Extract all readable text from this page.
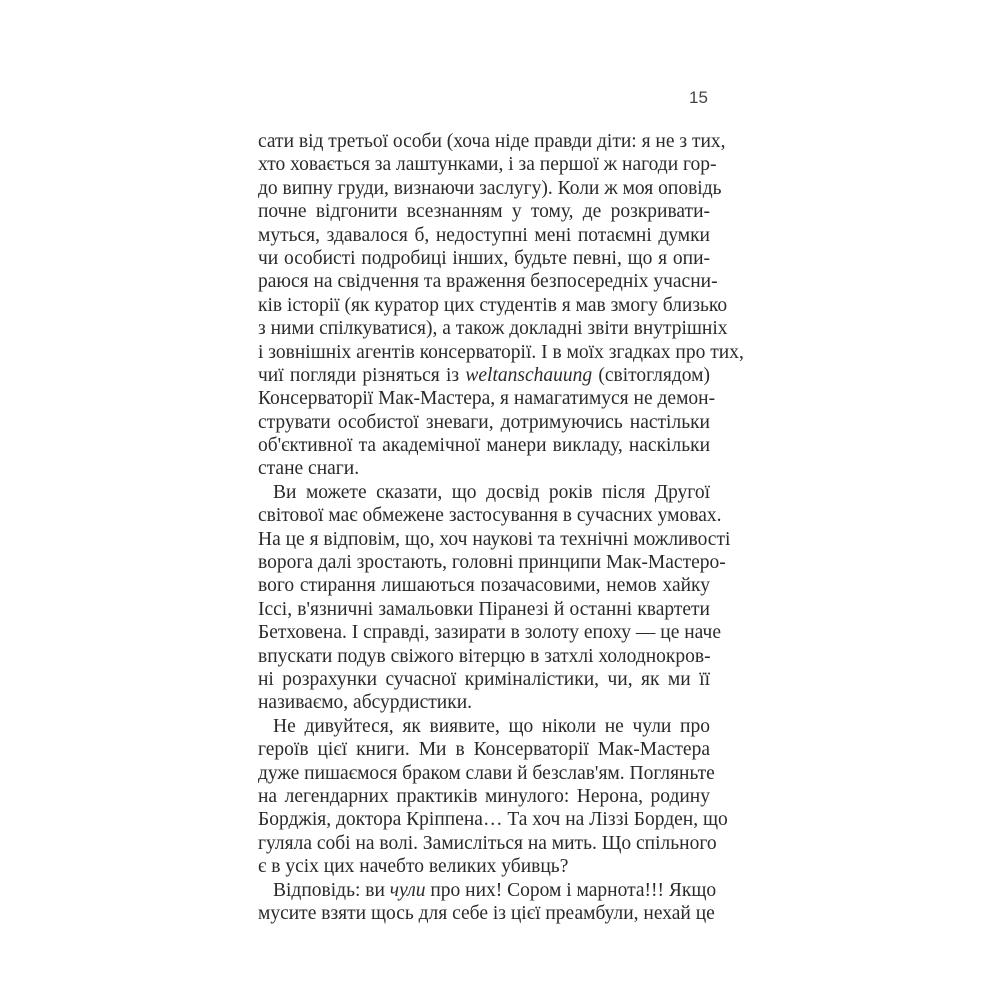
15
сати від третьої особи (хоча ніде правди діти: я не з тих,
хто ховається за лаштунками, і за першої ж нагоди гор-
до випну груди, визнаючи заслугу). Коли ж моя оповідь
почне відгонити всезнанням у тому, де розкривати-
муться, здавалося б, недоступні мені потаємні думки
чи особисті подробиці інших, будьте певні, що я опи-
раюся на свідчення та враження безпосередніх учасни-
ків історії (як куратор цих студентів я мав змогу близько
з ними спілкуватися), а також докладні звіти внутрішніх
і зовнішніх агентів консерваторії. І в моїх згадках про тих,
чиї погляди різняться із weltanschauung (світоглядом)
Консерваторії Мак-Мастера, я намагатимуся не демон-
струвати особистої зневаги, дотримуючись настільки
об'єктивної та академічної манери викладу, наскільки
стане снаги.
Ви можете сказати, що досвід років після Другої
світової має обмежене застосування в сучасних умовах.
На це я відповім, що, хоч наукові та технічні можливості
ворога далі зростають, головні принципи Мак-Мастеро-
вого стирання лишаються позачасовими, немов хайку
Іссі, в'язничні замальовки Піранезі й останні квартети
Бетховена. І справді, зазирати в золоту епоху — це наче
впускати подув свіжого вітерцю в затхлі холоднокров-
ні розрахунки сучасної криміналістики, чи, як ми її
називаємо, абсурдистики.
Не дивуйтеся, як виявите, що ніколи не чули про
героїв цієї книги. Ми в Консерваторії Мак-Мастера
дуже пишаємося браком слави й безслав'ям. Погляньте
на легендарних практиків минулого: Нерона, родину
Борджія, доктора Кріппена… Та хоч на Ліззі Борден, що
гуляла собі на волі. Замисліться на мить. Що спільного
є в усіх цих начебто великих убивць?
Відповідь: ви чули про них! Сором і марнота!!! Якщо
мусите взяти щось для себе із цієї преамбули, нехай це
